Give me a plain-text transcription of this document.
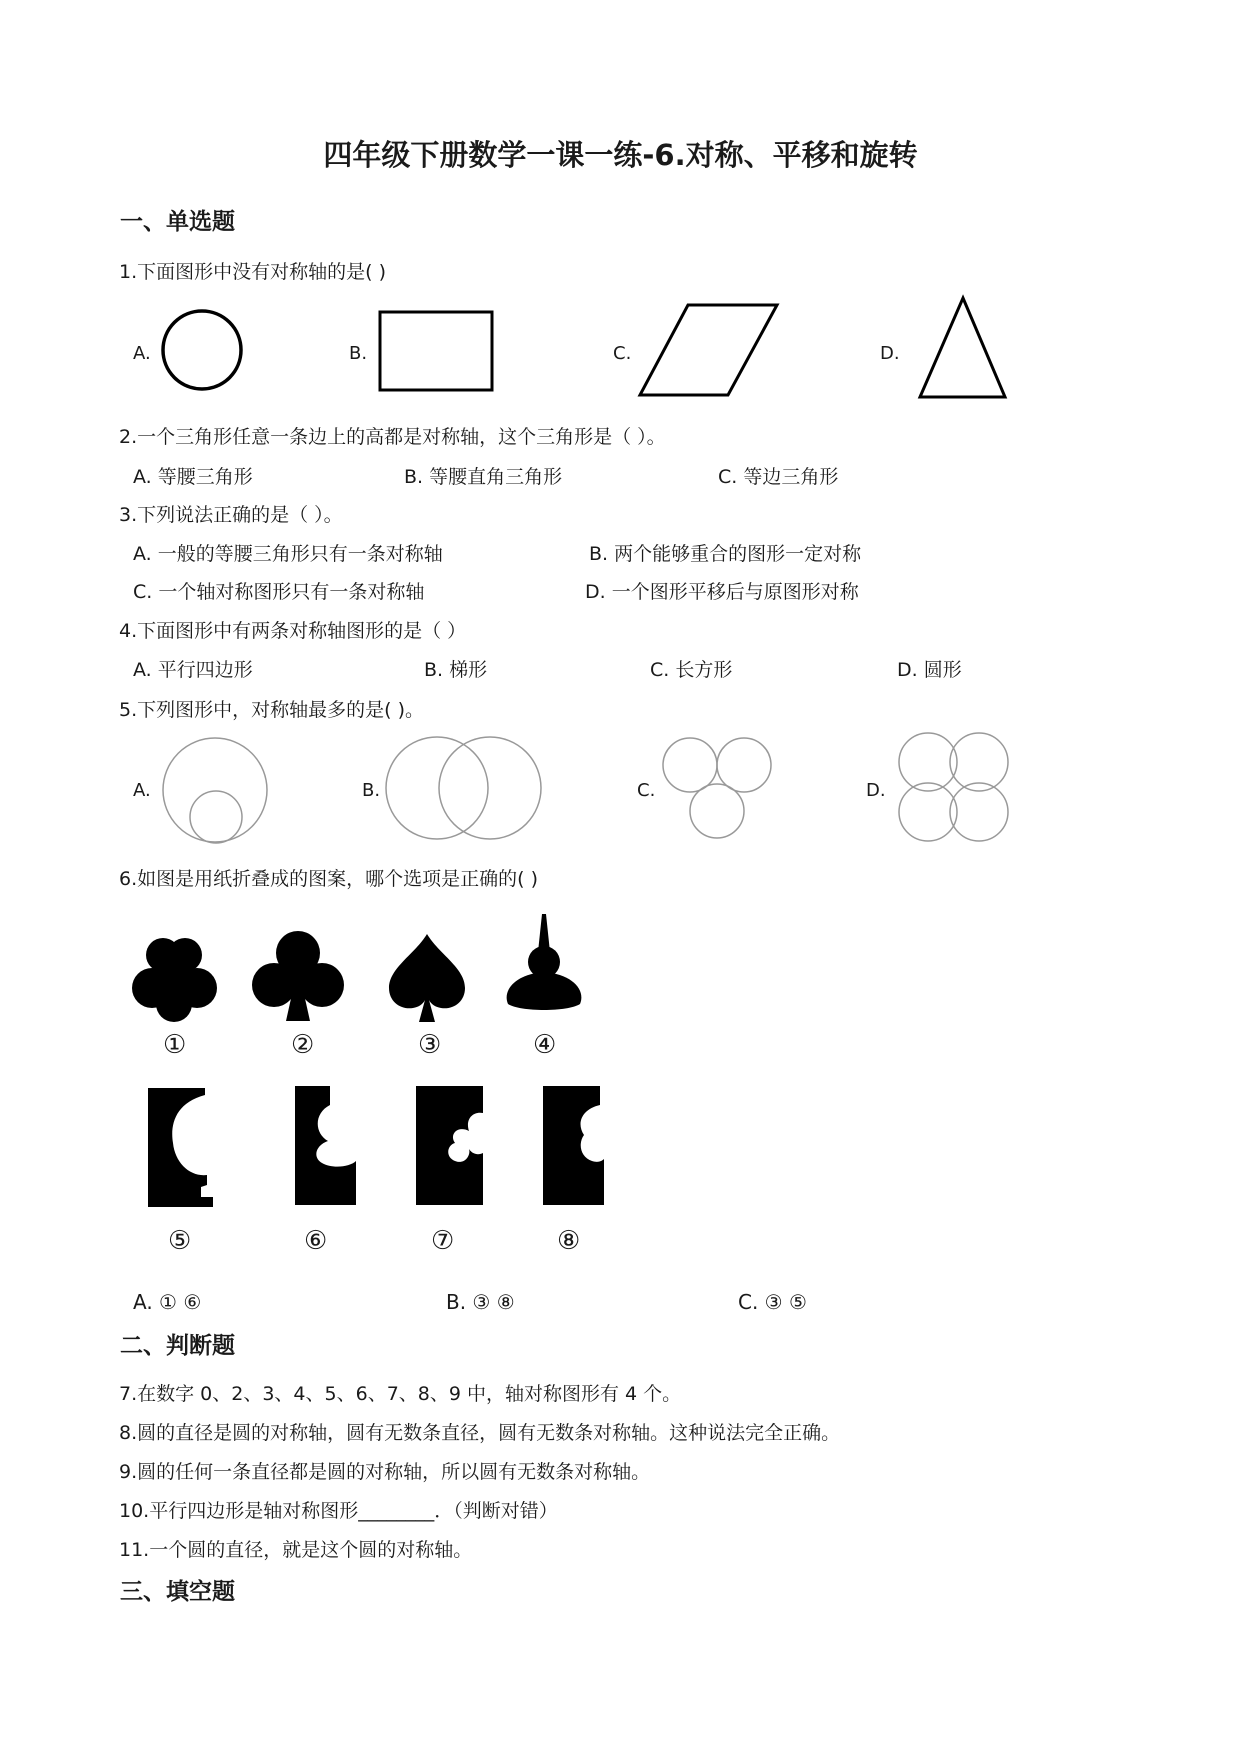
四年级下册数学一课一练-6.对称、平移和旋转
一、单选题
1.下面图形中没有对称轴的是( )
A.	B.	C.	D.
2.一个三角形任意一条边上的高都是对称轴，这个三角形是（ ）。
A. 等腰三角形	B. 等腰直角三角形	C. 等边三角形
3.下列说法正确的是（ ）。
A. 一般的等腰三角形只有一条对称轴	B. 两个能够重合的图形一定对称
C. 一个轴对称图形只有一条对称轴	D. 一个图形平移后与原图形对称
4.下面图形中有两条对称轴图形的是（ ）
A. 平行四边形	B. 梯形	C. 长方形	D. 圆形
5.下列图形中，对称轴最多的是( )。
A.	B.	C.	D.
6.如图是用纸折叠成的图案，哪个选项是正确的( )
①	②	③	④
⑤	⑥	⑦	⑧
A. ① ⑥	B. ③ ⑧	C. ③ ⑤
二、判断题
7.在数字 0、2、3、4、5、6、7、8、9 中，轴对称图形有 4 个。
8.圆的直径是圆的对称轴，圆有无数条直径，圆有无数条对称轴。这种说法完全正确。
9.圆的任何一条直径都是圆的对称轴，所以圆有无数条对称轴。
10.平行四边形是轴对称图形________．（判断对错）
11.一个圆的直径，就是这个圆的对称轴。
三、填空题
